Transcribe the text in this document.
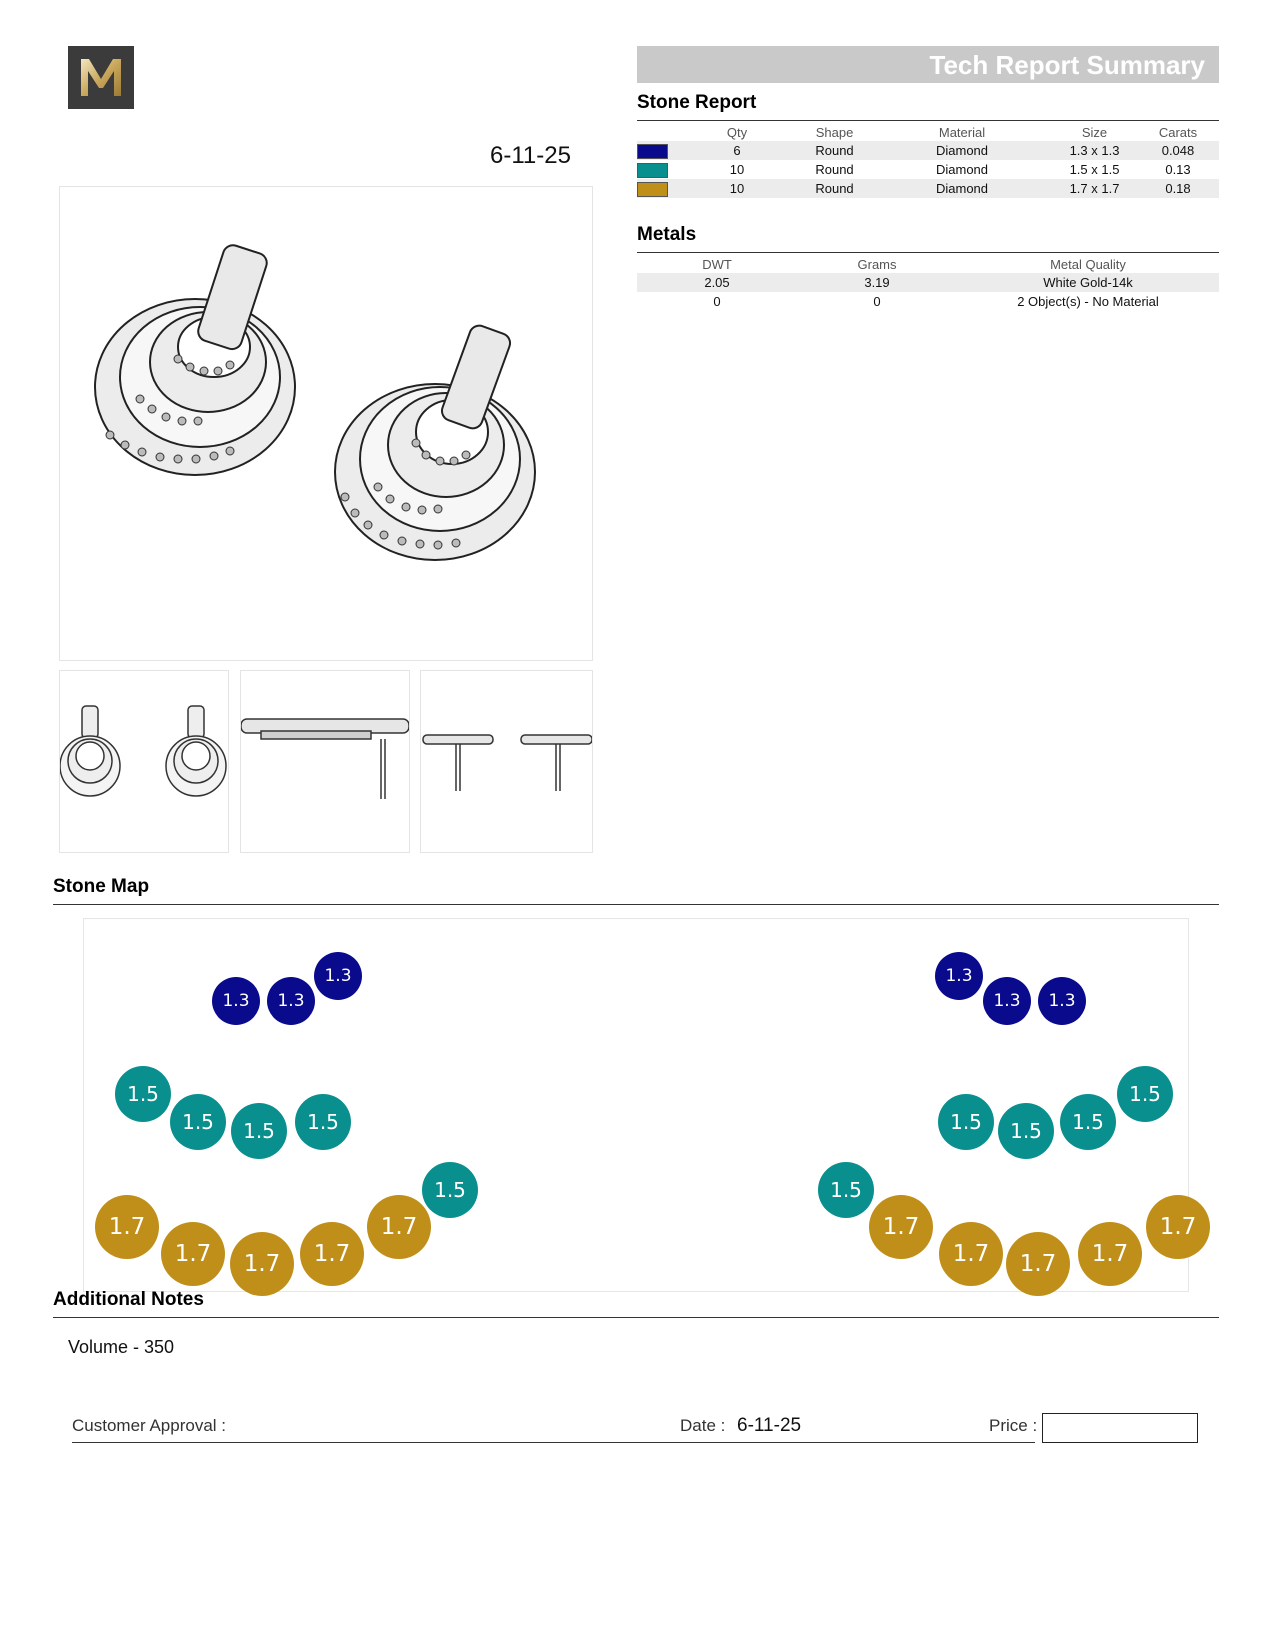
6-11-25
Tech Report Summary
Stone Report
	Qty	Shape	Material	Size	Carats
	6	Round	Diamond	1.3 x 1.3	0.048
	10	Round	Diamond	1.5 x 1.5	0.13
	10	Round	Diamond	1.7 x 1.7	0.18
Metals
DWT	Grams	Metal Quality
2.05	3.19	White Gold-14k
0	0	2 Object(s) - No Material
Stone Map
1.3	1.3
1.3	1.3
1.3	1.3
1.5
1.5	1.5	1.5
1.5
1.5	1.5	1.5
1.5
1.5
1.7
1.7	1.7	1.7
1.7	1.7
1.7	1.7	1.7
1.7
Additional Notes
Volume - 350
Customer Approval :	Date : 6-11-25	Price :
